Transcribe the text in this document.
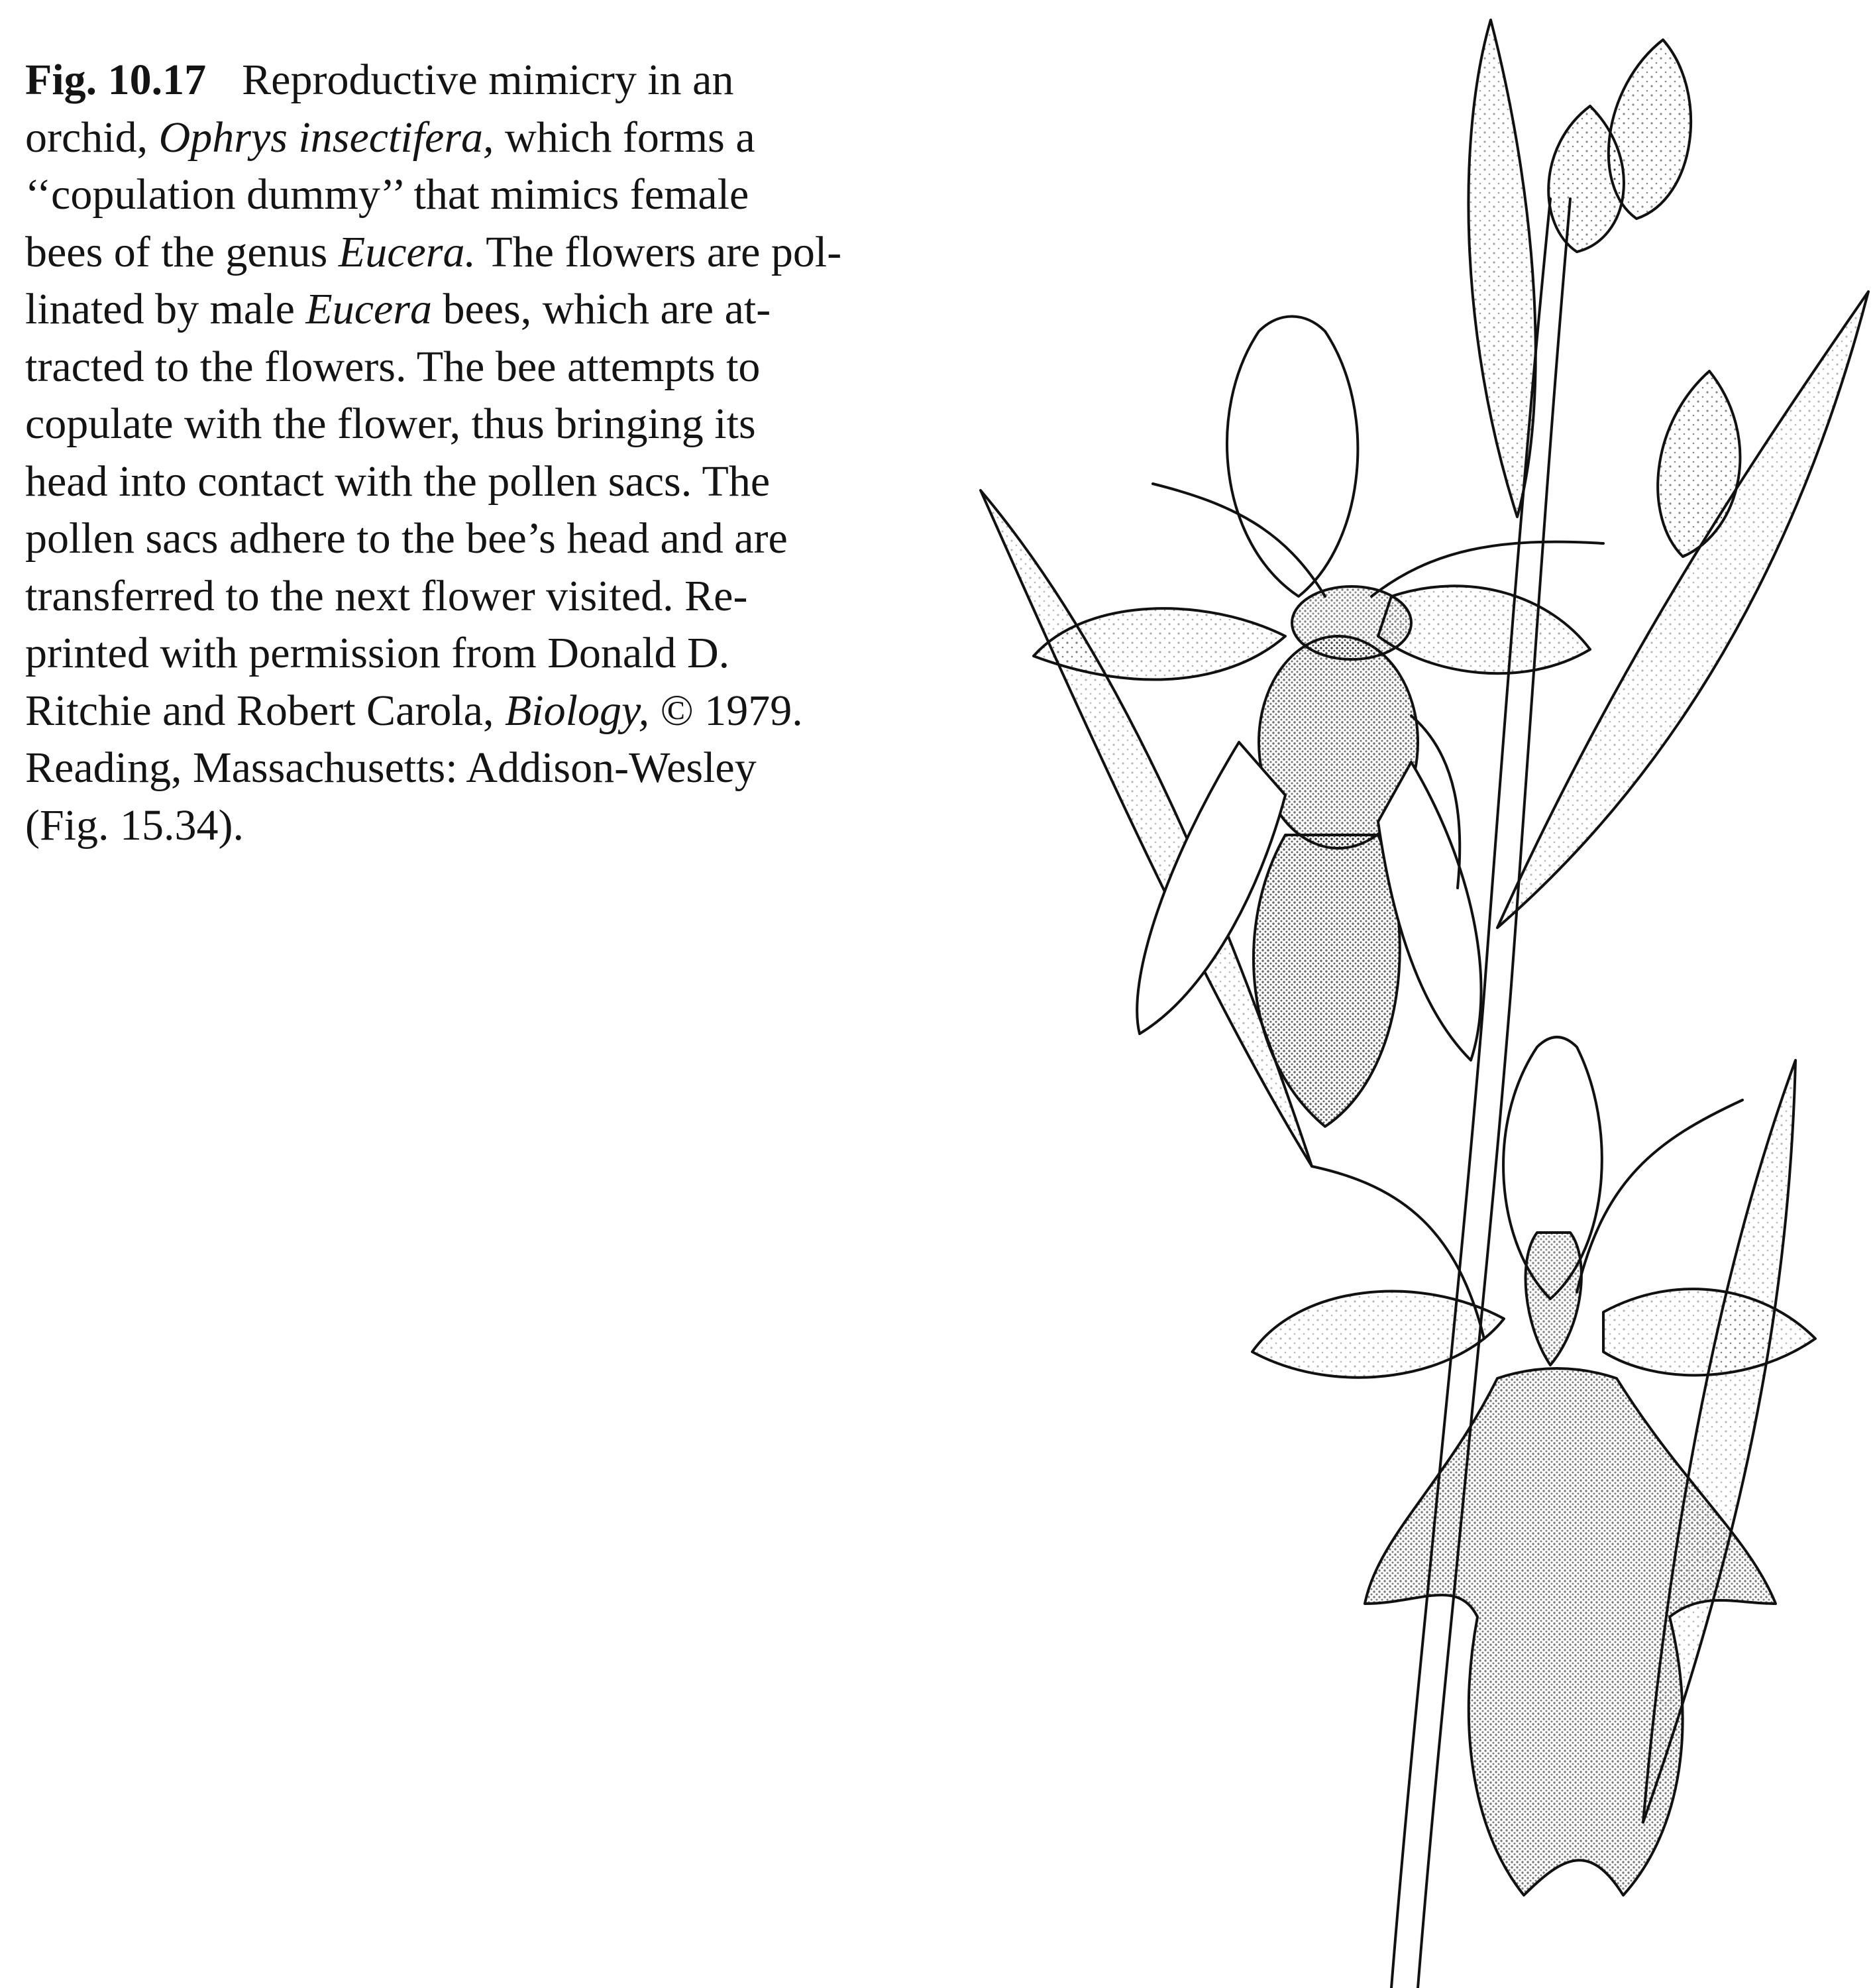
Fig. 10.17 Reproductive mimicry in an
orchid, Ophrys insectifera, which forms a
‘‘copulation dummy’’ that mimics female
bees of the genus Eucera. The flowers are pol-
linated by male Eucera bees, which are at-
tracted to the flowers. The bee attempts to
copulate with the flower, thus bringing its
head into contact with the pollen sacs. The
pollen sacs adhere to the bee’s head and are
transferred to the next flower visited. Re-
printed with permission from Donald D.
Ritchie and Robert Carola, Biology, © 1979.
Reading, Massachusetts: Addison-Wesley
(Fig. 15.34).
